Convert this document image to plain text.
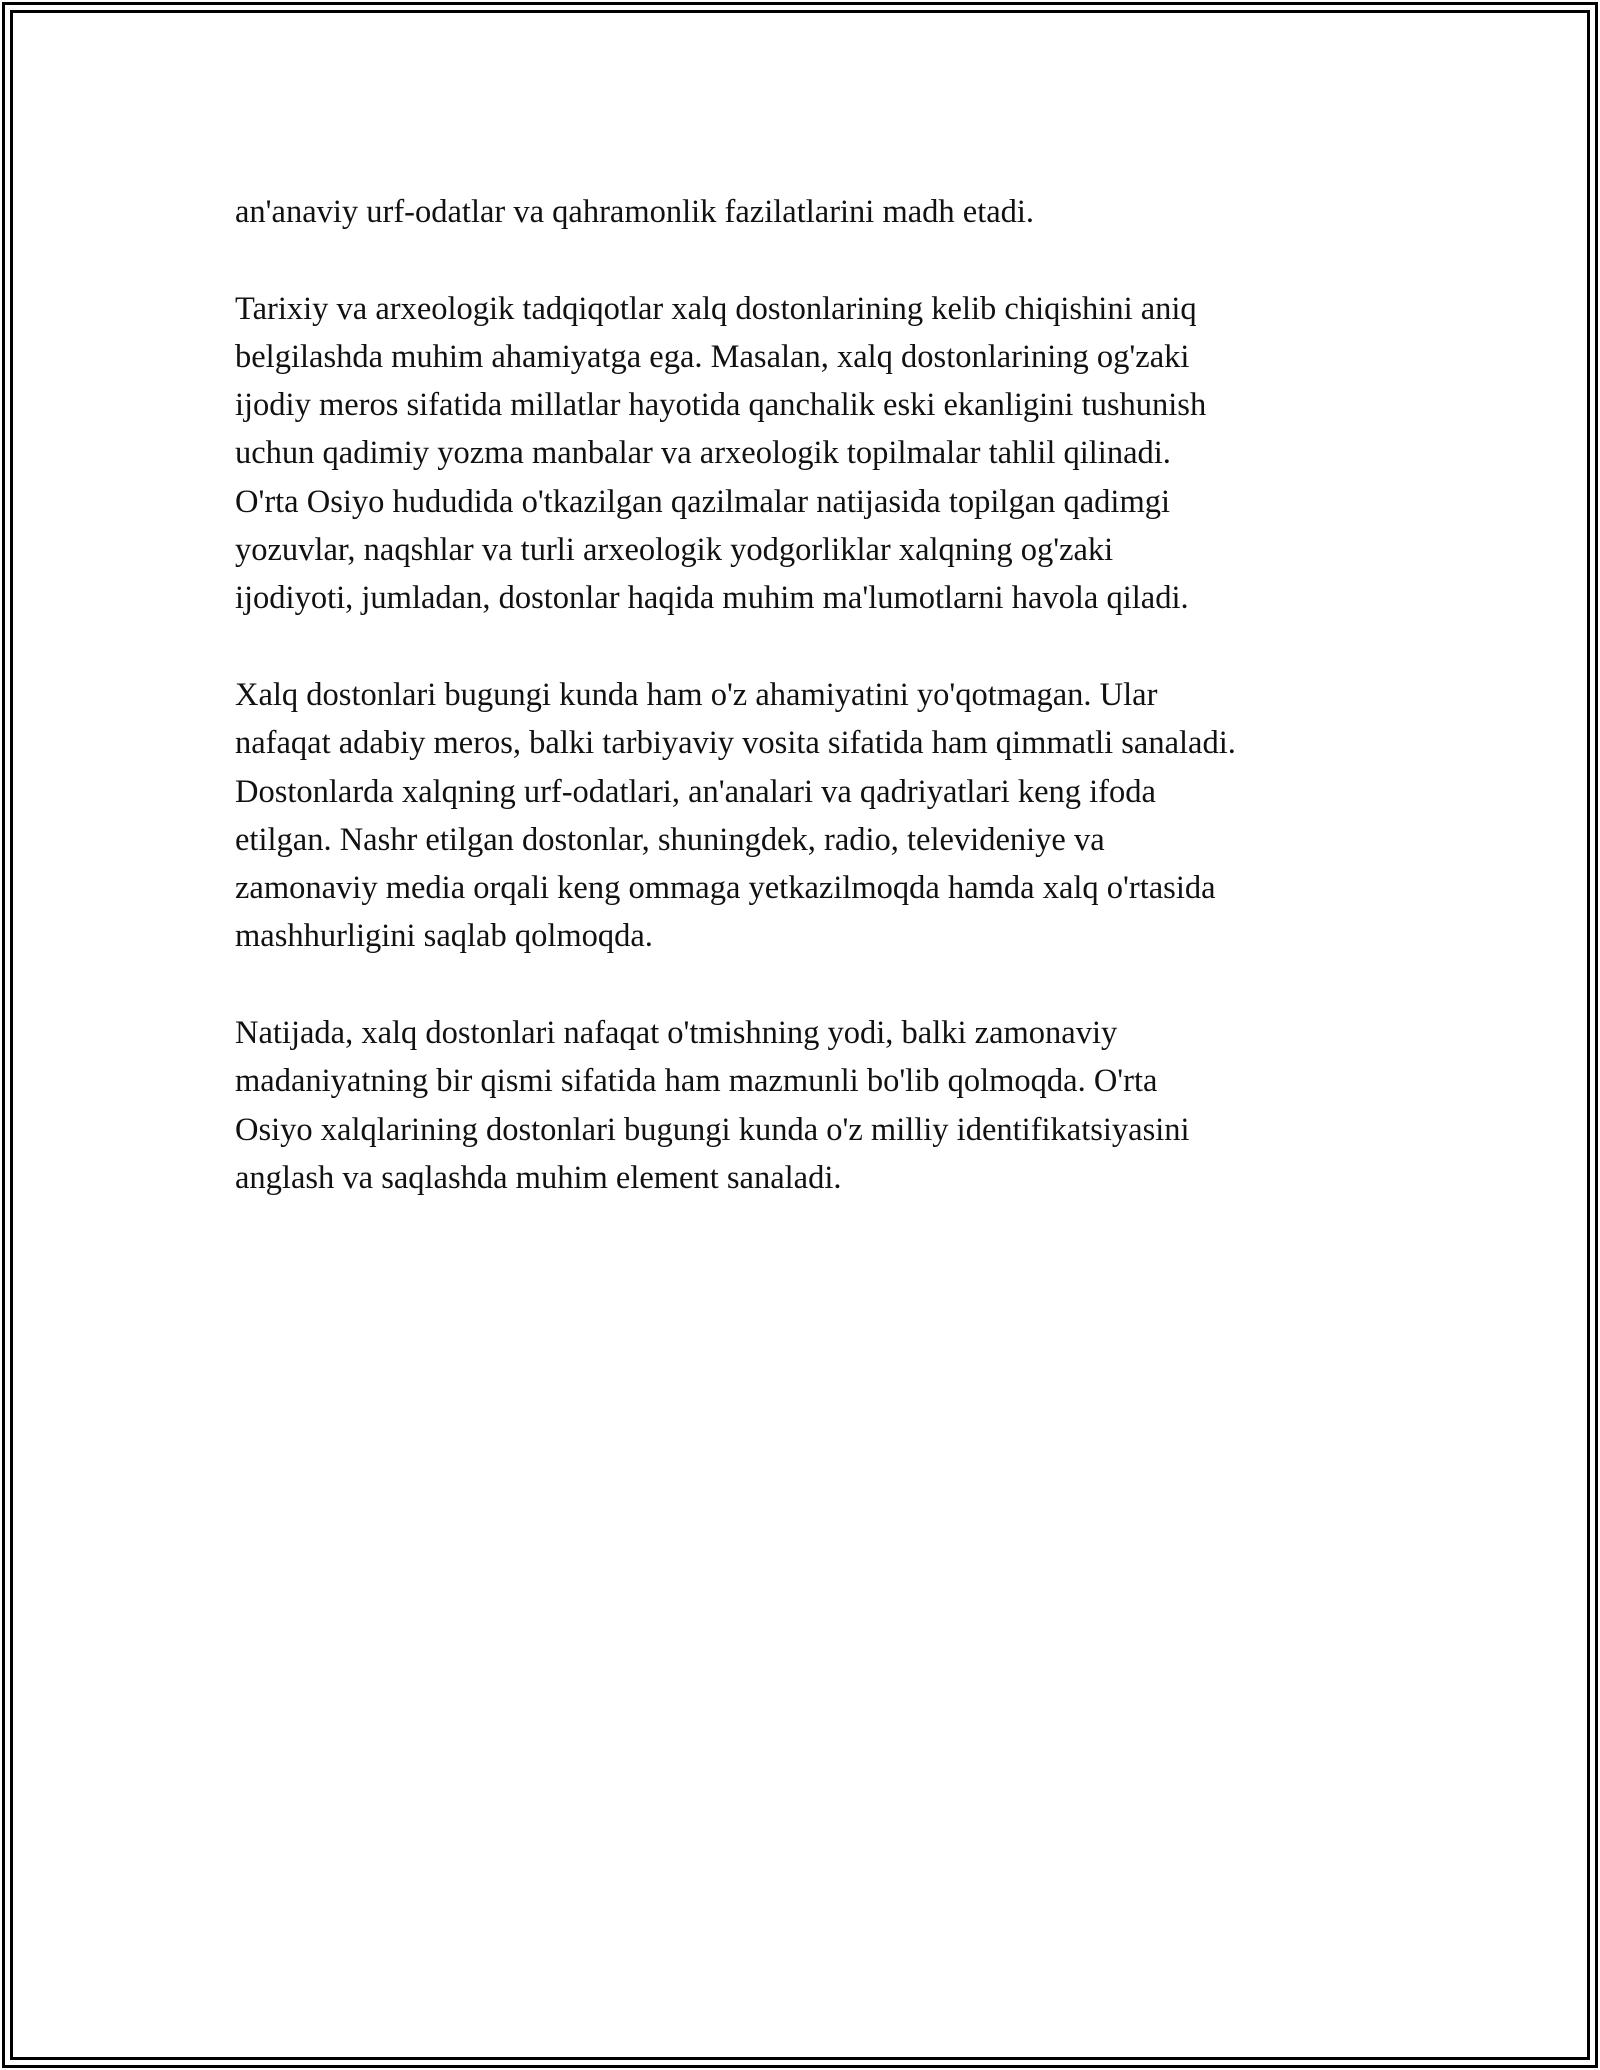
an'anaviy urf-odatlar va qahramonlik fazilatlarini madh etadi.

Tarixiy va arxeologik tadqiqotlar xalq dostonlarining kelib chiqishini aniq
belgilashda muhim ahamiyatga ega. Masalan, xalq dostonlarining og'zaki
ijodiy meros sifatida millatlar hayotida qanchalik eski ekanligini tushunish
uchun qadimiy yozma manbalar va arxeologik topilmalar tahlil qilinadi.
O'rta Osiyo hududida o'tkazilgan qazilmalar natijasida topilgan qadimgi
yozuvlar, naqshlar va turli arxeologik yodgorliklar xalqning og'zaki
ijodiyoti, jumladan, dostonlar haqida muhim ma'lumotlarni havola qiladi.

Xalq dostonlari bugungi kunda ham o'z ahamiyatini yo'qotmagan. Ular
nafaqat adabiy meros, balki tarbiyaviy vosita sifatida ham qimmatli sanaladi.
Dostonlarda xalqning urf-odatlari, an'analari va qadriyatlari keng ifoda
etilgan. Nashr etilgan dostonlar, shuningdek, radio, televideniye va
zamonaviy media orqali keng ommaga yetkazilmoqda hamda xalq o'rtasida
mashhurligini saqlab qolmoqda.

Natijada, xalq dostonlari nafaqat o'tmishning yodi, balki zamonaviy
madaniyatning bir qismi sifatida ham mazmunli bo'lib qolmoqda. O'rta
Osiyo xalqlarining dostonlari bugungi kunda o'z milliy identifikatsiyasini
anglash va saqlashda muhim element sanaladi.
